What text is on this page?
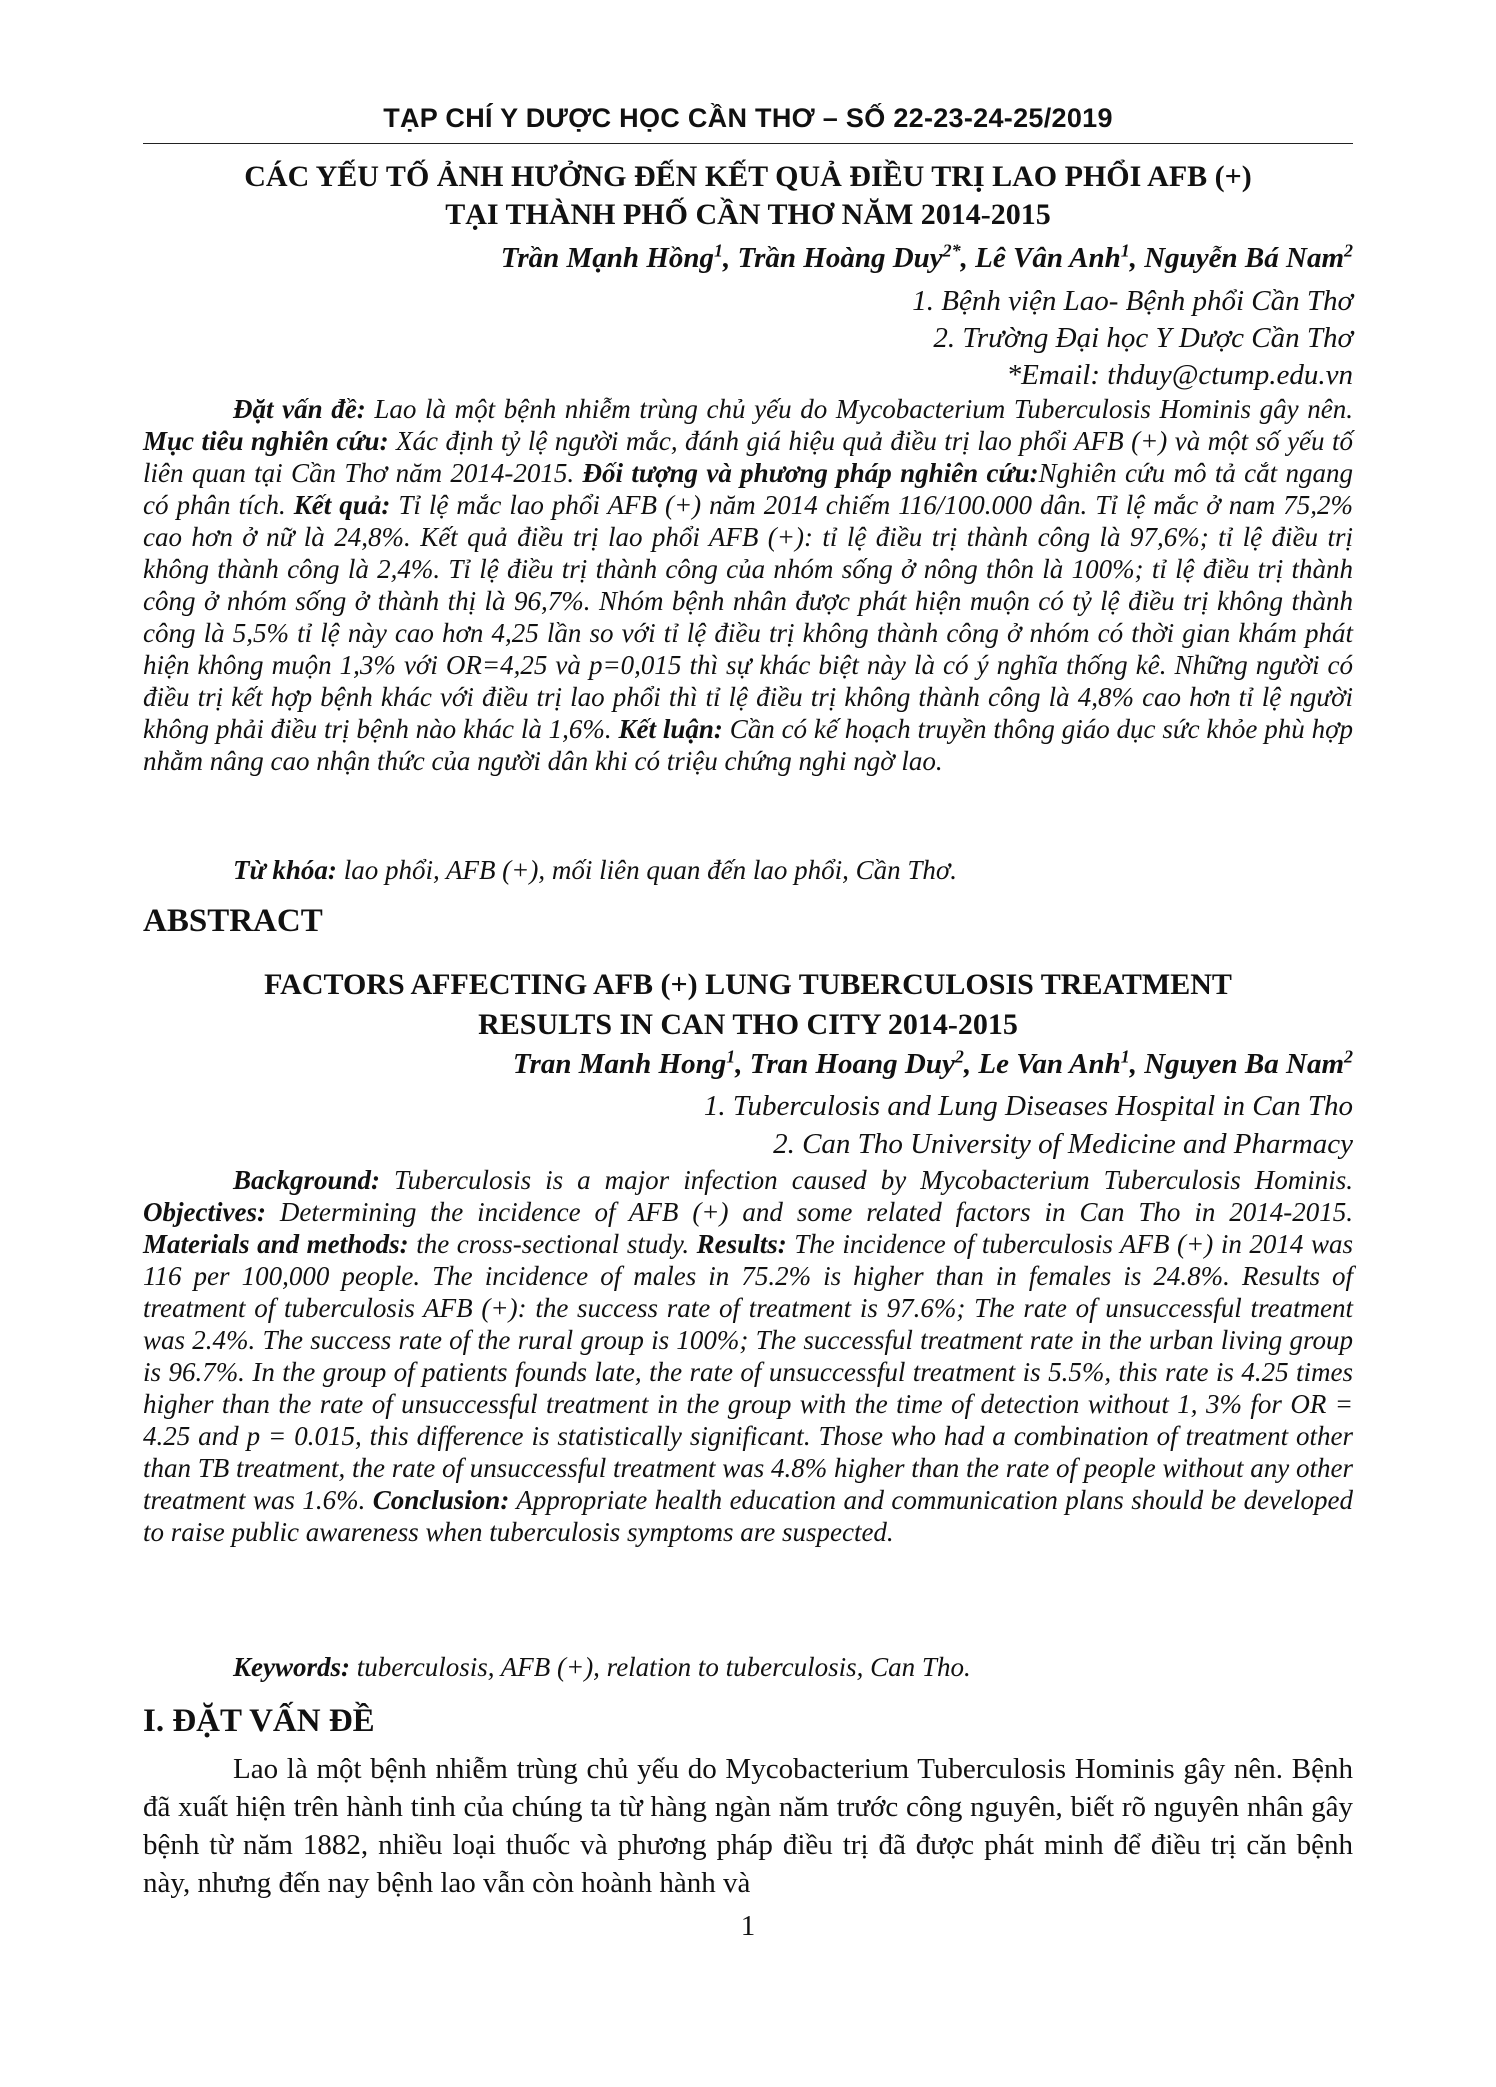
TẠP CHÍ Y DƯỢC HỌC CẦN THƠ – SỐ 22-23-24-25/2019
CÁC YẾU TỐ ẢNH HƯỞNG ĐẾN KẾT QUẢ ĐIỀU TRỊ LAO PHỔI AFB (+)
TẠI THÀNH PHỐ CẦN THƠ NĂM 2014-2015
Trần Mạnh Hồng$^1$, Trần Hoàng Duy$^{2*}$, Lê Vân Anh$^1$, Nguyễn Bá Nam$^2$
1. Bệnh viện Lao- Bệnh phổi Cần Thơ
2. Trường Đại học Y Dược Cần Thơ
*Email: thduy@ctump.edu.vn

Đặt vấn đề: Lao là một bệnh nhiễm trùng chủ yếu do Mycobacterium Tuberculosis Hominis gây nên. Mục tiêu nghiên cứu: Xác định tỷ lệ người mắc, đánh giá hiệu quả điều trị lao phổi AFB (+) và một số yếu tố liên quan tại Cần Thơ năm 2014-2015. Đối tượng và phương pháp nghiên cứu:Nghiên cứu mô tả cắt ngang có phân tích. Kết quả: Tỉ lệ mắc lao phổi AFB (+) năm 2014 chiếm 116/100.000 dân. Tỉ lệ mắc ở nam 75,2% cao hơn ở nữ là 24,8%. Kết quả điều trị lao phổi AFB (+): tỉ lệ điều trị thành công là 97,6%; tỉ lệ điều trị không thành công là 2,4%. Tỉ lệ điều trị thành công của nhóm sống ở nông thôn là 100%; tỉ lệ điều trị thành công ở nhóm sống ở thành thị là 96,7%. Nhóm bệnh nhân được phát hiện muộn có tỷ lệ điều trị không thành công là 5,5% tỉ lệ này cao hơn 4,25 lần so với tỉ lệ điều trị không thành công ở nhóm có thời gian khám phát hiện không muộn 1,3% với OR=4,25 và p=0,015 thì sự khác biệt này là có ý nghĩa thống kê. Những người có điều trị kết hợp bệnh khác với điều trị lao phổi thì tỉ lệ điều trị không thành công là 4,8% cao hơn tỉ lệ người không phải điều trị bệnh nào khác là 1,6%. Kết luận: Cần có kế hoạch truyền thông giáo dục sức khỏe phù hợp nhằm nâng cao nhận thức của người dân khi có triệu chứng nghi ngờ lao.

Từ khóa: lao phổi, AFB (+), mối liên quan đến lao phổi, Cần Thơ.
ABSTRACT
FACTORS AFFECTING AFB (+) LUNG TUBERCULOSIS TREATMENT
RESULTS IN CAN THO CITY 2014-2015
Tran Manh Hong$^1$, Tran Hoang Duy$^2$, Le Van Anh$^1$, Nguyen Ba Nam$^2$
1. Tuberculosis and Lung Diseases Hospital in Can Tho
2. Can Tho University of Medicine and Pharmacy

Background: Tuberculosis is a major infection caused by Mycobacterium Tuberculosis Hominis. Objectives: Determining the incidence of AFB (+) and some related factors in Can Tho in 2014-2015. Materials and methods: the cross-sectional study. Results: The incidence of tuberculosis AFB (+) in 2014 was 116 per 100,000 people. The incidence of males in 75.2% is higher than in females is 24.8%. Results of treatment of tuberculosis AFB (+): the success rate of treatment is 97.6%; The rate of unsuccessful treatment was 2.4%. The success rate of the rural group is 100%; The successful treatment rate in the urban living group is 96.7%. In the group of patients founds late, the rate of unsuccessful treatment is 5.5%, this rate is 4.25 times higher than the rate of unsuccessful treatment in the group with the time of detection without 1, 3% for OR = 4.25 and p = 0.015, this difference is statistically significant. Those who had a combination of treatment other than TB treatment, the rate of unsuccessful treatment was 4.8% higher than the rate of people without any other treatment was 1.6%. Conclusion: Appropriate health education and communication plans should be developed to raise public awareness when tuberculosis symptoms are suspected.

Keywords: tuberculosis, AFB (+), relation to tuberculosis, Can Tho.
I. ĐẶT VẤN ĐỀ

Lao là một bệnh nhiễm trùng chủ yếu do Mycobacterium Tuberculosis Hominis gây nên. Bệnh đã xuất hiện trên hành tinh của chúng ta từ hàng ngàn năm trước công nguyên, biết rõ nguyên nhân gây bệnh từ năm 1882, nhiều loại thuốc và phương pháp điều trị đã được phát minh để điều trị căn bệnh này, nhưng đến nay bệnh lao vẫn còn hoành hành và

1
